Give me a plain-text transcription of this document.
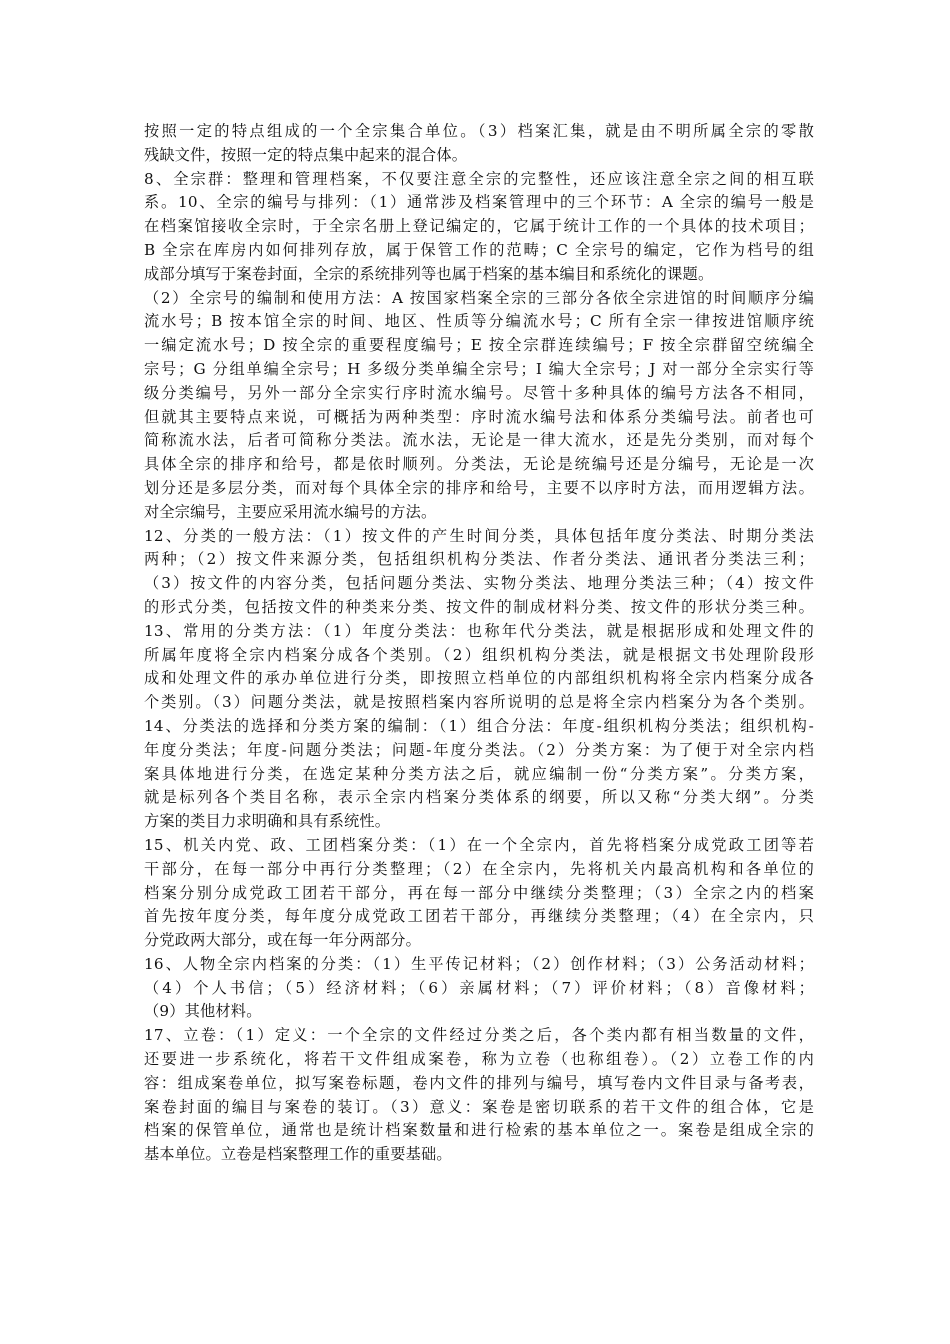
按照一定的特点组成的一个全宗集合单位。（3）档案汇集，就是由不明所属全宗的零散
残缺文件，按照一定的特点集中起来的混合体。
8、全宗群：整理和管理档案，不仅要注意全宗的完整性，还应该注意全宗之间的相互联
系。10、全宗的编号与排列：（1）通常涉及档案管理中的三个环节：A 全宗的编号一般是
在档案馆接收全宗时，于全宗名册上登记编定的，它属于统计工作的一个具体的技术项目；
B 全宗在库房内如何排列存放，属于保管工作的范畴；C 全宗号的编定，它作为档号的组
成部分填写于案卷封面，全宗的系统排列等也属于档案的基本编目和系统化的课题。
（2）全宗号的编制和使用方法：A 按国家档案全宗的三部分各依全宗进馆的时间顺序分编
流水号；B 按本馆全宗的时间、地区、性质等分编流水号；C 所有全宗一律按进馆顺序统
一编定流水号；D 按全宗的重要程度编号；E 按全宗群连续编号；F 按全宗群留空统编全
宗号；G 分组单编全宗号；H 多级分类单编全宗号；I 编大全宗号；J 对一部分全宗实行等
级分类编号，另外一部分全宗实行序时流水编号。尽管十多种具体的编号方法各不相同，
但就其主要特点来说，可概括为两种类型：序时流水编号法和体系分类编号法。前者也可
简称流水法，后者可简称分类法。流水法，无论是一律大流水，还是先分类别，而对每个
具体全宗的排序和给号，都是依时顺列。分类法，无论是统编号还是分编号，无论是一次
划分还是多层分类，而对每个具体全宗的排序和给号，主要不以序时方法，而用逻辑方法。
对全宗编号，主要应采用流水编号的方法。
12、分类的一般方法：（1）按文件的产生时间分类，具体包括年度分类法、时期分类法
两种；（2）按文件来源分类，包括组织机构分类法、作者分类法、通讯者分类法三利；
（3）按文件的内容分类，包括问题分类法、实物分类法、地理分类法三种；（4）按文件
的形式分类，包括按文件的种类来分类、按文件的制成材料分类、按文件的形状分类三种。
13、常用的分类方法：（1）年度分类法：也称年代分类法，就是根据形成和处理文件的
所属年度将全宗内档案分成各个类别。（2）组织机构分类法，就是根据文书处理阶段形
成和处理文件的承办单位进行分类，即按照立档单位的内部组织机构将全宗内档案分成各
个类别。（3）问题分类法，就是按照档案内容所说明的总是将全宗内档案分为各个类别。
14、分类法的选择和分类方案的编制：（1）组合分法：年度-组织机构分类法；组织机构-
年度分类法；年度-问题分类法；问题-年度分类法。（2）分类方案：为了便于对全宗内档
案具体地进行分类，在选定某种分类方法之后，就应编制一份“分类方案”。分类方案，
就是标列各个类目名称，表示全宗内档案分类体系的纲要，所以又称“分类大纲”。分类
方案的类目力求明确和具有系统性。
15、机关内党、政、工团档案分类：（1）在一个全宗内，首先将档案分成党政工团等若
干部分，在每一部分中再行分类整理；（2）在全宗内，先将机关内最高机构和各单位的
档案分别分成党政工团若干部分，再在每一部分中继续分类整理；（3）全宗之内的档案
首先按年度分类，每年度分成党政工团若干部分，再继续分类整理；（4）在全宗内，只
分党政两大部分，或在每一年分两部分。
16、人物全宗内档案的分类：（1）生平传记材料；（2）创作材料；（3）公务活动材料；
（4）个人书信；（5）经济材料；（6）亲属材料；（7）评价材料；（8）音像材料；
（9）其他材料。
17、立卷：（1）定义：一个全宗的文件经过分类之后，各个类内都有相当数量的文件，
还要进一步系统化，将若干文件组成案卷，称为立卷（也称组卷）。（2）立卷工作的内
容：组成案卷单位，拟写案卷标题，卷内文件的排列与编号，填写卷内文件目录与备考表，
案卷封面的编目与案卷的装订。（3）意义：案卷是密切联系的若干文件的组合体，它是
档案的保管单位，通常也是统计档案数量和进行检索的基本单位之一。案卷是组成全宗的
基本单位。立卷是档案整理工作的重要基础。
